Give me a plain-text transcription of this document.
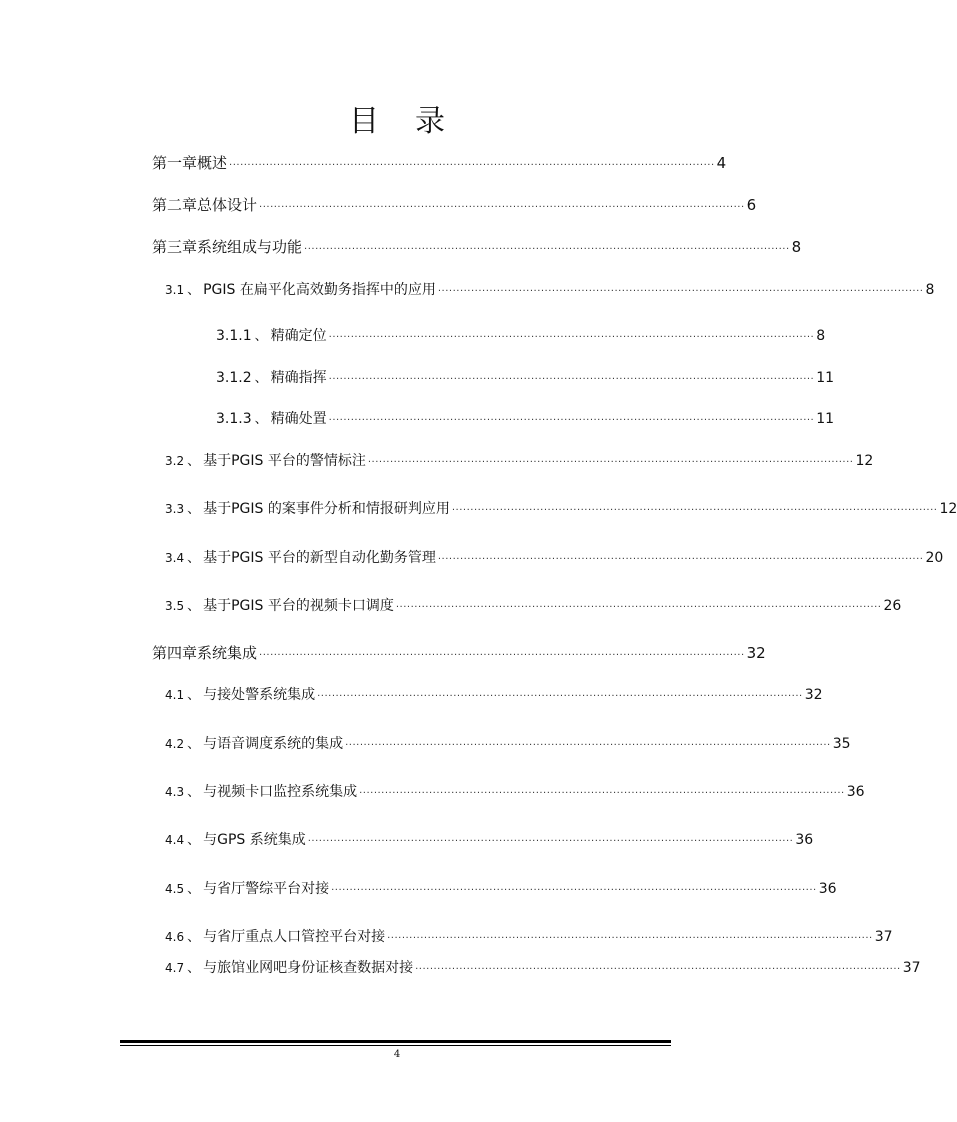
目 录
第一章 概述 ···································································································································· 4
第二章 总体设计 ···································································································································· 6
第三章 系统组成与功能 ···································································································································· 8
3.1 、 PGIS 在扁平化高效勤务指挥中的应用 ···································································································································· 8
3.1.1 、 精确定位 ···································································································································· 8
3.1.2 、 精确指挥 ···································································································································· 11
3.1.3 、 精确处置 ···································································································································· 11
3.2 、 基于 PGIS 平台的警情标注 ···································································································································· 12
3.3 、 基于 PGIS 的案事件分析和情报研判应用 ···································································································································· 12
3.4 、 基于 PGIS 平台的新型自动化勤务管理 ···································································································································· 20
3.5 、 基于 PGIS 平台的视频卡口调度 ···································································································································· 26
第四章 系统集成 ···································································································································· 32
4.1 、 与接处警系统集成 ···································································································································· 32
4.2 、 与语音调度系统的集成 ···································································································································· 35
4.3 、 与视频卡口监控系统集成 ···································································································································· 36
4.4 、 与 GPS 系统集成 ···································································································································· 36
4.5 、 与省厅警综平台对接 ···································································································································· 36
4.6 、 与省厅重点人口管控平台对接 ···································································································································· 37
4.7 、 与旅馆业网吧身份证核查数据对接 ···································································································································· 37
4
